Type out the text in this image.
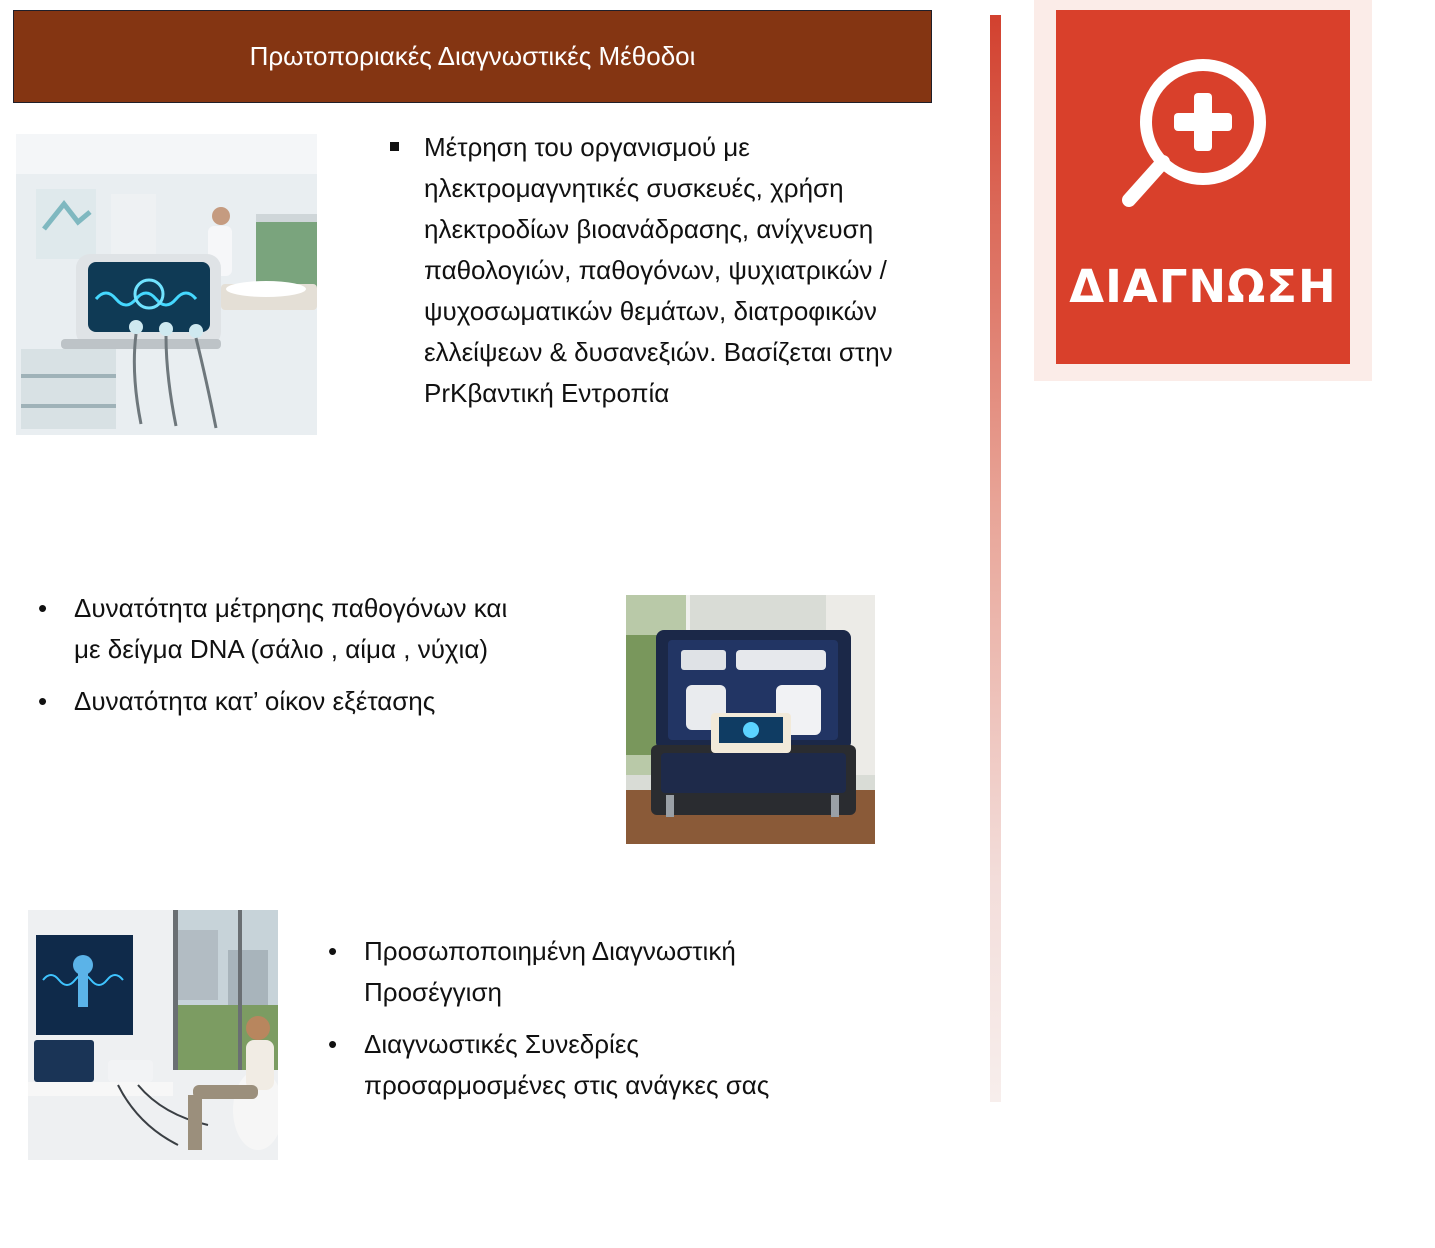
Πρωτοποριακές Διαγνωστικές Μέθοδοι
ΔΙΑΓΝΩΣΗ
Μέτρηση του οργανισμού με ηλεκτρομαγνητικές συσκευές, χρήση ηλεκτροδίων βιοανάδρασης, ανίχνευση παθολογιών, παθογόνων, ψυχιατρικών / ψυχοσωματικών θεμάτων, διατροφικών ελλείψεων & δυσανεξιών. Βασίζεται στην PrΚβαντική Εντροπία
• Δυνατότητα μέτρησης παθογόνων και με δείγμα DNA (σάλιο , αίμα , νύχια)
• Δυνατότητα κατ’ οίκον εξέτασης
• Προσωποποιημένη Διαγνωστική Προσέγγιση
• Διαγνωστικές Συνεδρίες προσαρμοσμένες στις ανάγκες σας
